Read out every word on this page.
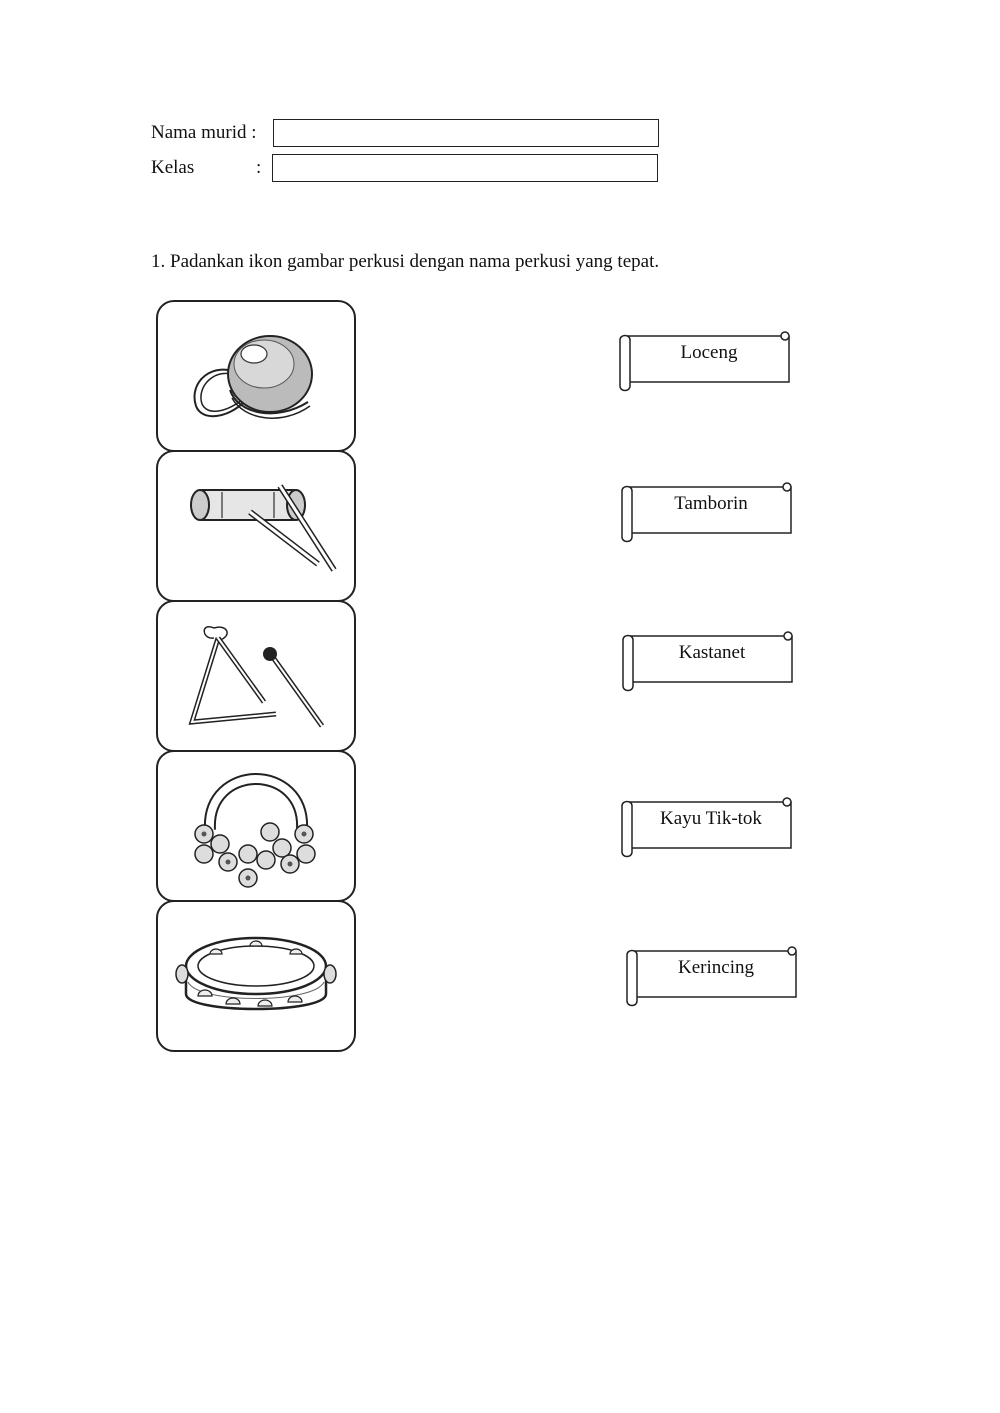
Nama murid :
Kelas	:
1. Padankan ikon gambar perkusi dengan nama perkusi yang tepat.
Loceng
Tamborin
Kastanet
Kayu Tik-tok
Kerincing
